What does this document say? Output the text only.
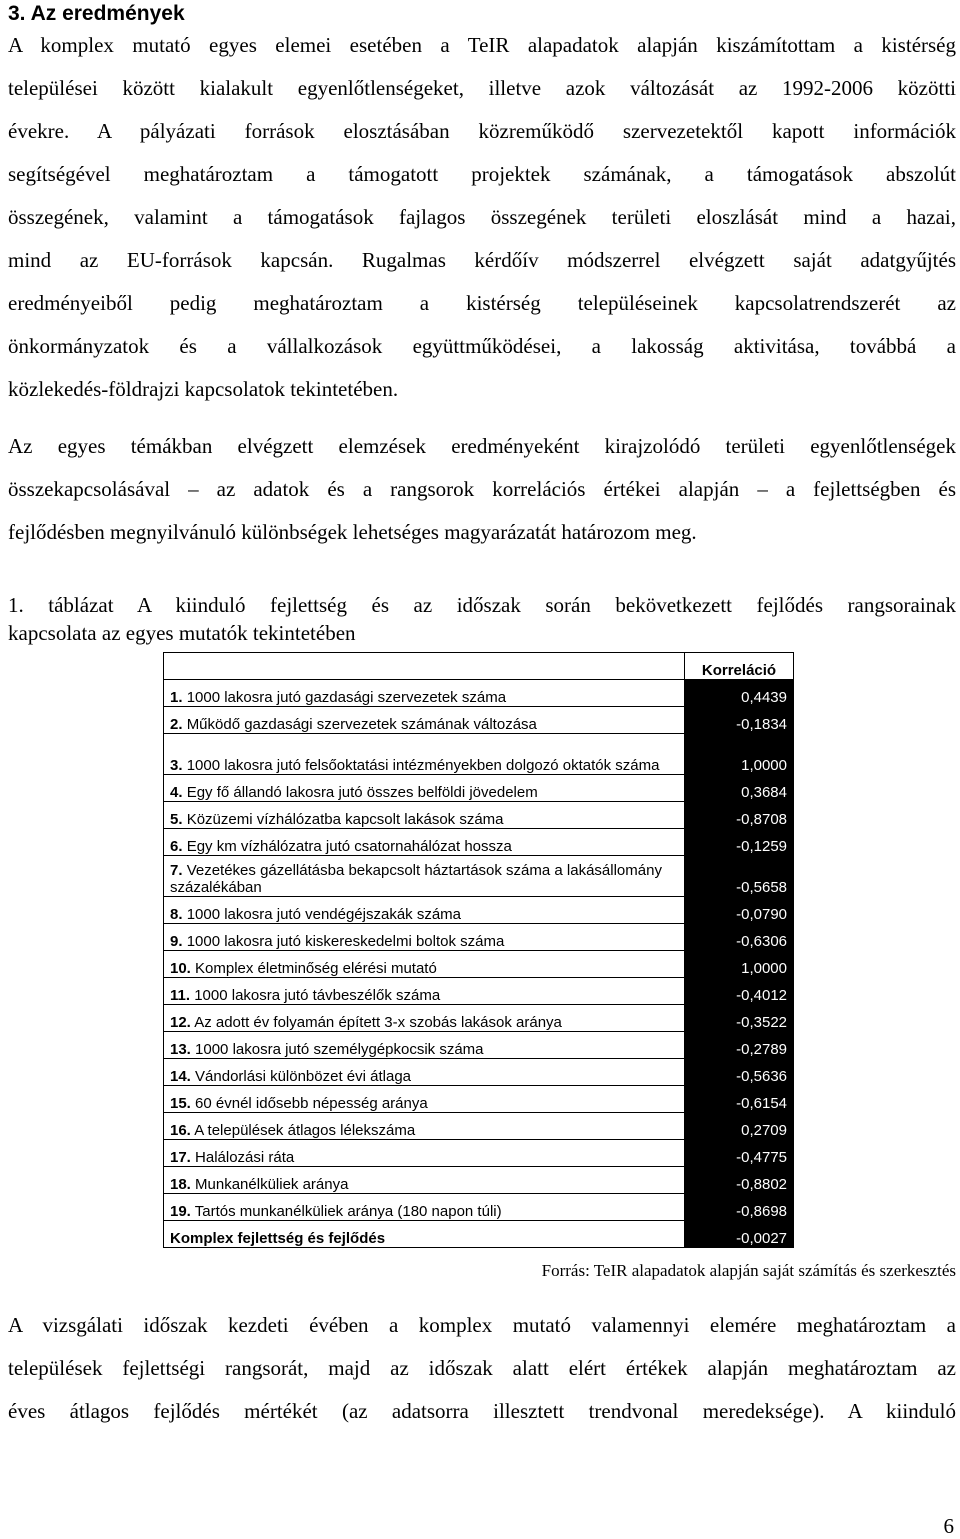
3. Az eredmények
A komplex mutató egyes elemei esetében a TeIR alapadatok alapján kiszámítottam a kistérség
települései között kialakult egyenlőtlenségeket, illetve azok változását az 1992-2006 közötti
évekre. A pályázati források elosztásában közreműködő szervezetektől kapott információk
segítségével meghatároztam a támogatott projektek számának, a támogatások abszolút
összegének, valamint a támogatások fajlagos összegének területi eloszlását mind a hazai,
mind az EU-források kapcsán. Rugalmas kérdőív módszerrel elvégzett saját adatgyűjtés
eredményeiből pedig meghatároztam a kistérség településeinek kapcsolatrendszerét az
önkormányzatok és a vállalkozások együttműködései, a lakosság aktivitása, továbbá a
közlekedés-földrajzi kapcsolatok tekintetében.
Az egyes témákban elvégzett elemzések eredményeként kirajzolódó területi egyenlőtlenségek
összekapcsolásával – az adatok és a rangsorok korrelációs értékei alapján – a fejlettségben és
fejlődésben megnyilvánuló különbségek lehetséges magyarázatát határozom meg.
1. táblázat A kiinduló fejlettség és az időszak során bekövetkezett fejlődés rangsorainak
kapcsolata az egyes mutatók tekintetében
	Korreláció
1. 1000 lakosra jutó gazdasági szervezetek száma	0,4439
2. Működő gazdasági szervezetek számának változása	-0,1834

3. 1000 lakosra jutó felsőoktatási intézményekben dolgozó oktatók száma	1,0000
4. Egy fő állandó lakosra jutó összes belföldi jövedelem	0,3684
5. Közüzemi vízhálózatba kapcsolt lakások száma	-0,8708
6. Egy km vízhálózatra jutó csatornahálózat hossza	-0,1259

7. Vezetékes gázellátásba bekapcsolt háztartások száma a lakásállomány százalékában	-0,5658
8. 1000 lakosra jutó vendégéjszakák száma	-0,0790
9. 1000 lakosra jutó kiskereskedelmi boltok száma	-0,6306
10. Komplex életminőség elérési mutató	1,0000
11. 1000 lakosra jutó távbeszélők száma	-0,4012
12. Az adott év folyamán épített 3-x szobás lakások aránya	-0,3522
13. 1000 lakosra jutó személygépkocsik száma	-0,2789
14. Vándorlási különbözet évi átlaga	-0,5636
15. 60 évnél idősebb népesség aránya	-0,6154
16. A települések átlagos lélekszáma	0,2709
17. Halálozási ráta	-0,4775
18. Munkanélküliek aránya	-0,8802
19. Tartós munkanélküliek aránya (180 napon túli)	-0,8698
Komplex fejlettség és fejlődés	-0,0027
Forrás: TeIR alapadatok alapján saját számítás és szerkesztés
A vizsgálati időszak kezdeti évében a komplex mutató valamennyi elemére meghatároztam a
települések fejlettségi rangsorát, majd az időszak alatt elért értékek alapján meghatároztam az
éves átlagos fejlődés mértékét (az adatsorra illesztett trendvonal meredeksége). A kiinduló
6
